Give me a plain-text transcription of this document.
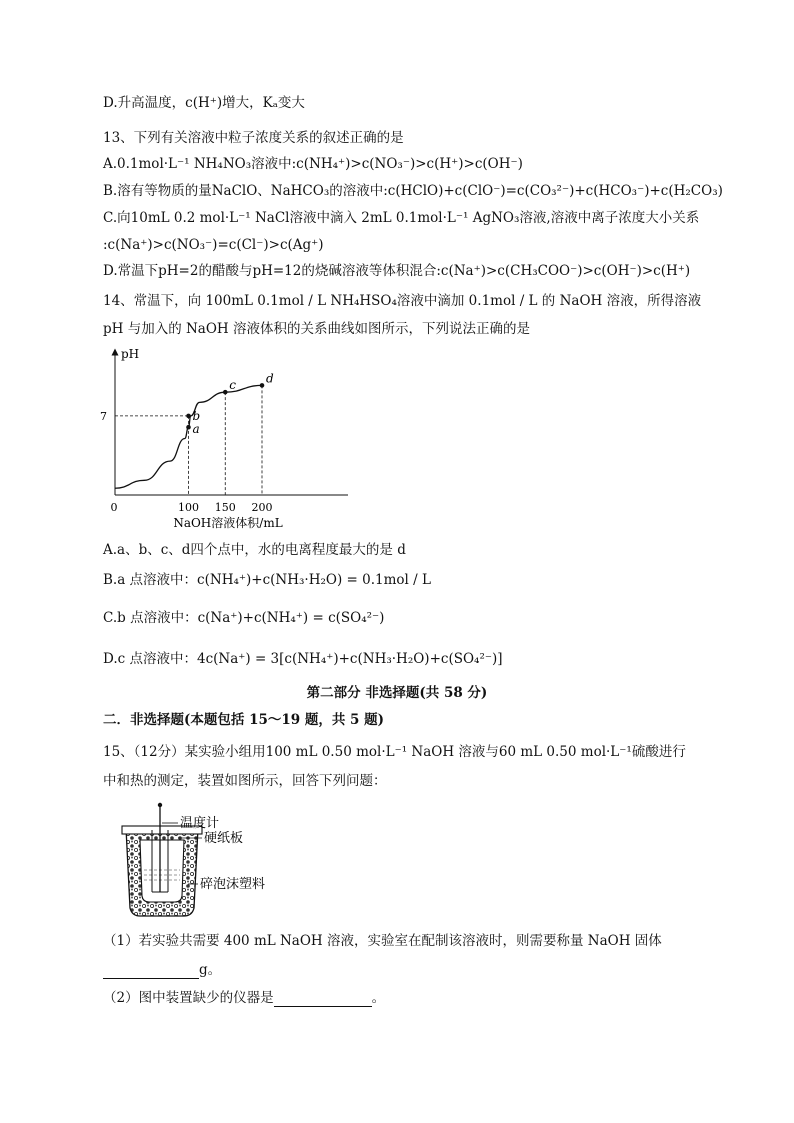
D.升高温度，c(H⁺)增大，Kₐ变大
13、下列有关溶液中粒子浓度关系的叙述正确的是
A.0.1mol·L⁻¹ NH₄NO₃溶液中:c(NH₄⁺)>c(NO₃⁻)>c(H⁺)>c(OH⁻)
B.溶有等物质的量NaClO、NaHCO₃的溶液中:c(HClO)+c(ClO⁻)=c(CO₃²⁻)+c(HCO₃⁻)+c(H₂CO₃)
C.向10mL 0.2 mol·L⁻¹ NaCl溶液中滴入 2mL 0.1mol·L⁻¹ AgNO₃溶液,溶液中离子浓度大小关系
:c(Na⁺)>c(NO₃⁻)=c(Cl⁻)>c(Ag⁺)
D.常温下pH=2的醋酸与pH=12的烧碱溶液等体积混合:c(Na⁺)>c(CH₃COO⁻)>c(OH⁻)>c(H⁺)
14、常温下，向 100mL 0.1mol / L NH₄HSO₄溶液中滴加 0.1mol / L 的 NaOH 溶液，所得溶液
pH 与加入的 NaOH 溶液体积的关系曲线如图所示，下列说法正确的是
pH
a
b
c	d
0	100 150 200
7
NaOH溶液体积/mL
A.a、b、c、d四个点中，水的电离程度最大的是 d
B.a 点溶液中：c(NH₄⁺)+c(NH₃·H₂O) = 0.1mol / L
C.b 点溶液中：c(Na⁺)+c(NH₄⁺) = c(SO₄²⁻)
D.c 点溶液中：4c(Na⁺) = 3[c(NH₄⁺)+c(NH₃·H₂O)+c(SO₄²⁻)]
第二部分 非选择题(共 58 分)
二．非选择题(本题包括 15～19 题，共 5 题)
15、（12分）某实验小组用100 mL 0.50 mol·L⁻¹ NaOH 溶液与60 mL 0.50 mol·L⁻¹硫酸进行
中和热的测定，装置如图所示，回答下列问题：
温度计
硬纸板
碎泡沫塑料
（1）若实验共需要 400 mL NaOH 溶液，实验室在配制该溶液时，则需要称量 NaOH 固体
g。
（2）图中装置缺少的仪器是	。
